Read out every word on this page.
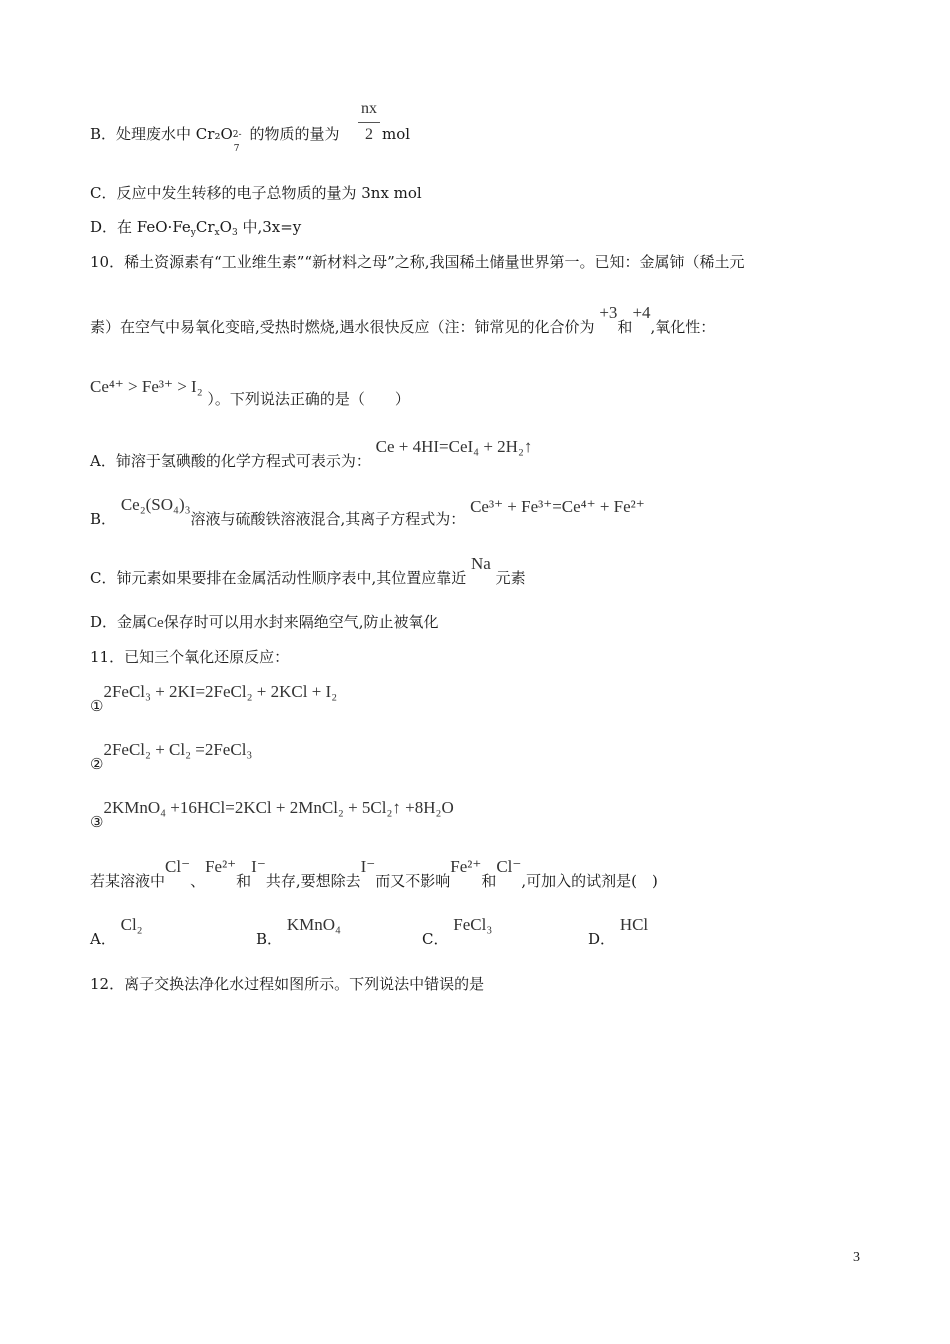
B．处理废水中 Cr₂O 2-
7
的物质的量为
nx
2 mol
C．反应中发生转移的电子总物质的量为 3nx mol
D．在 $FeO\cdot Fe_yCr_xO_3$ 中,3x=y
10．稀土资源素有“工业维生素”“新材料之母”之称,我国稀土储量世界第一。已知：金属铈（稀土元
素）在空气中易氧化变暗,受热时燃烧,遇水很快反应（注：铈常见的化合价为 +3和+4,氧化性：
Ce⁴⁺ > Fe³⁺ > I₂ ）。下列说法正确的是（　　）
A．铈溶于氢碘酸的化学方程式可表示为： Ce + 4HI=CeI₄ + 2H₂↑
B． Ce₂(SO₄)₃溶液与硫酸铁溶液混合,其离子方程式为： Ce³⁺ + Fe³⁺=Ce⁴⁺ + Fe²⁺
C．铈元素如果要排在金属活动性顺序表中,其位置应靠近 Na 元素
D．金属Ce保存时可以用水封来隔绝空气,防止被氧化
11．已知三个氧化还原反应：
①2FeCl₃ + 2KI=2FeCl₂ + 2KCl + I₂
②2FeCl₂ + Cl₂ =2FeCl₃
③2KMnO₄ +16HCl=2KCl + 2MnCl₂ + 5Cl₂↑ +8H₂O
若某溶液中Cl⁻、Fe²⁺和I⁻共存,要想除去I⁻而又不影响Fe²⁺和Cl⁻,可加入的试剂是(　)
A． Cl₂
B． KMnO₄
C． FeCl₃
D． HCl
12．离子交换法净化水过程如图所示。下列说法中错误的是
3
